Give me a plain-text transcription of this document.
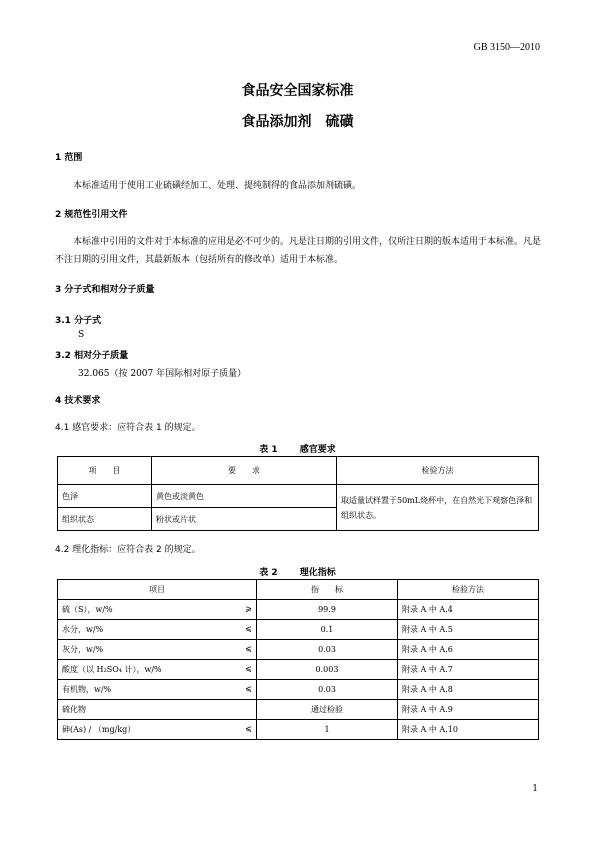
GB 3150—2010
食品安全国家标准
食品添加剂　硫磺
1 范围
本标准适用于使用工业硫磺经加工、处理、提纯制得的食品添加剂硫磺。
2 规范性引用文件
本标准中引用的文件对于本标准的应用是必不可少的。凡是注日期的引用文件，仅所注日期的版本适用于本标准。凡是不注日期的引用文件，其最新版本（包括所有的修改单）适用于本标准。
3 分子式和相对分子质量
3.1 分子式
S
3.2 相对分子质量
32.065（按 2007 年国际相对原子质量）
4 技术要求
4.1 感官要求：应符合表 1 的规定。
表 1 感官要求
项　　目	要　　求	检验方法
色泽	黄色或淡黄色	取适量试样置于50mL烧杯中，在自然光下观察色泽和组织状态。
组织状态	粉状或片状	
4.2 理化指标：应符合表 2 的规定。
表 2 理化指标
项目	指　　标	检验方法

硫（S），w/% ⩾	99.9	附录 A 中 A.4

水分，w/% ⩽	0.1	附录 A 中 A.5

灰分，w/% ⩽	0.03	附录 A 中 A.6

酸度（以 H₂SO₄ 计），w/% ⩽	0.003	附录 A 中 A.7

有机物，w/% ⩽	0.03	附录 A 中 A.8

硫化物	通过检验	附录 A 中 A.9

砷(As) / （mg/kg） ⩽	1	附录 A 中 A.10
1
